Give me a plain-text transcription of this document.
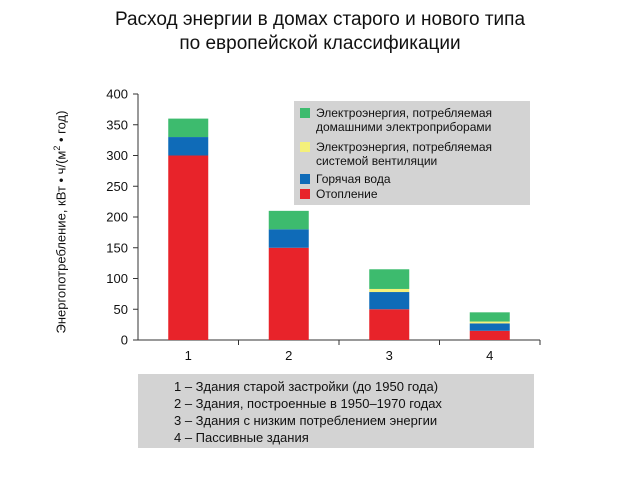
Расход энергии в домах старого и нового типа
по европейской классификации
0
50
100
150
200
250
300
350
400
1	2	3	4
Энергопотребление, кВт • $ч/(м^2$ • год)	Электроэнергия, потребляемая
домашними электроприборами
Электроэнергия, потребляемая
системой вентиляции
Горячая вода
Отопление
1 – Здания старой застройки (до 1950 года)
2 – Здания, построенные в 1950–1970 годах
3 – Здания с низким потреблением энергии
4 – Пассивные здания
